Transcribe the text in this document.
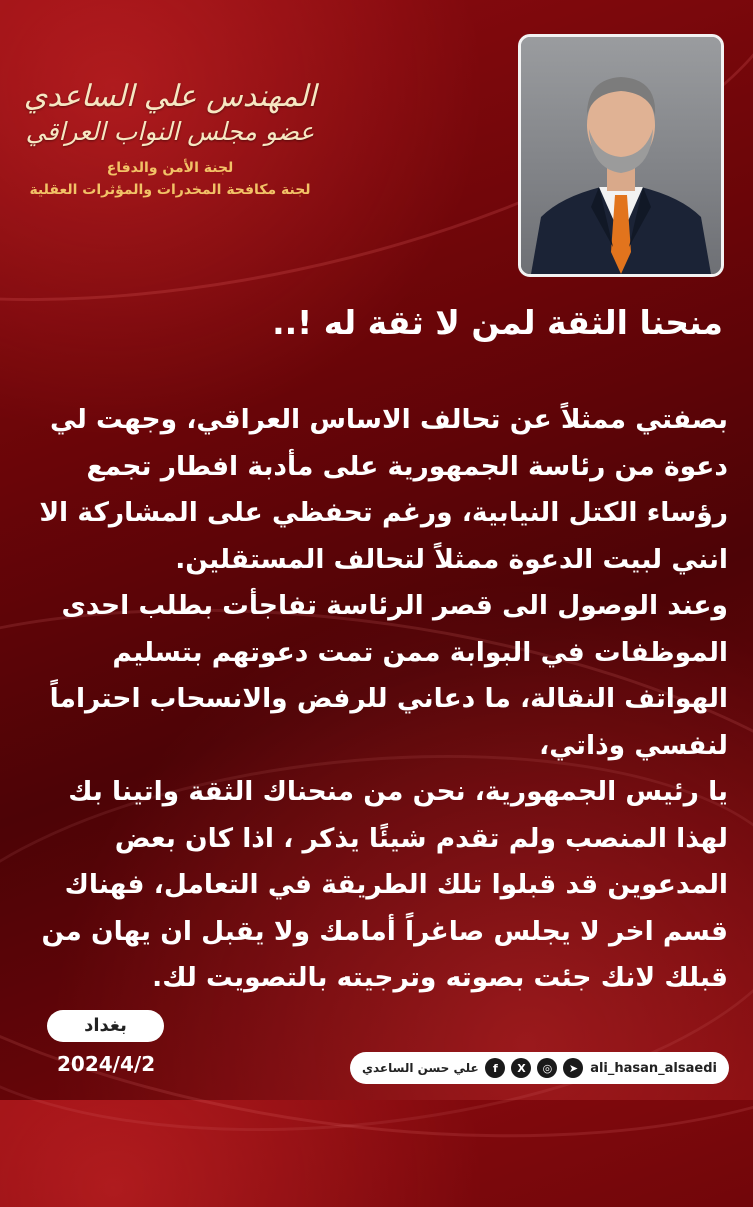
المهندس علي الساعدي
عضو مجلس النواب العراقي
لجنة الأمن والدفاع
لجنة مكافحة المخدرات والمؤثرات العقلية
منحنا الثقة لمن لا ثقة له !..
بصفتي ممثلاً عن تحالف الاساس العراقي، وجهت لي
دعوة من رئاسة الجمهورية على مأدبة افطار تجمع
رؤساء الكتل النيابية، ورغم تحفظي على المشاركة الا
انني لبيت الدعوة ممثلاً لتحالف المستقلين.
وعند الوصول الى قصر الرئاسة تفاجأت بطلب احدى
الموظفات في البوابة ممن تمت دعوتهم بتسليم
الهواتف النقالة، ما دعاني للرفض والانسحاب احتراماً
لنفسي وذاتي،
يا رئيس الجمهورية، نحن من منحناك الثقة واتينا بك
لهذا المنصب ولم تقدم شيئًا يذكر ، اذا كان بعض
المدعوين قد قبلوا تلك الطريقة في التعامل، فهناك
قسم اخر لا يجلس صاغراً أمامك ولا يقبل ان يهان من
قبلك لانك جئت بصوته وترجيته بالتصويت لك.
بغداد
2024/4/2	علي حسن الساعدي	f	X	◎	➤ ali_hasan_alsaedi
